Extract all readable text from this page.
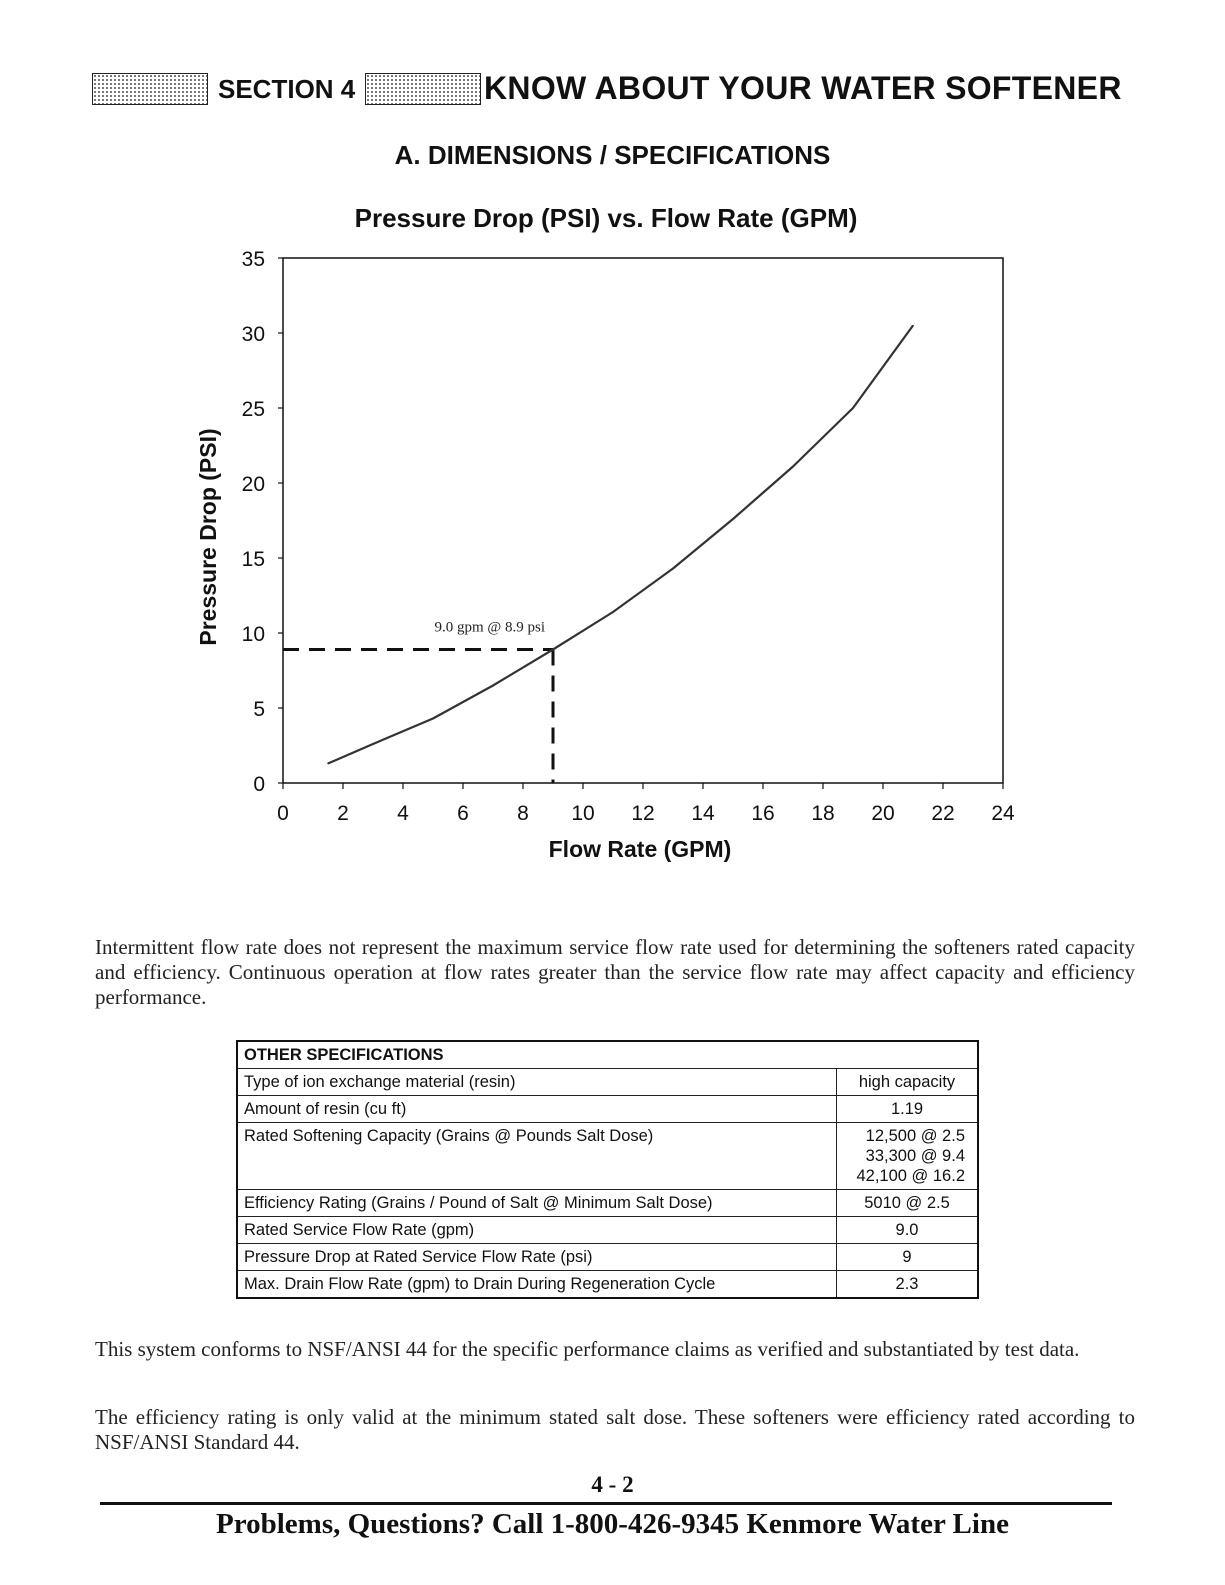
SECTION 4	KNOW ABOUT YOUR WATER SOFTENER
A. DIMENSIONS / SPECIFICATIONS
Pressure Drop (PSI) vs. Flow Rate (GPM)
0
5
10
15
20
25
30
35
0 2 4 6 8 10 12 14 16 18 20 22 24
9.0 gpm @ 8.9 psi
Flow Rate (GPM)
Pressure Drop (PSI)
Intermittent flow rate does not represent the maximum service flow rate used for determining the softeners rated capacity and efficiency. Continuous operation at flow rates greater than the service flow rate may affect capacity and efficiency performance.
OTHER SPECIFICATIONS	
Type of ion exchange material (resin)	high capacity
Amount of resin (cu ft)	1.19
Rated Softening Capacity (Grains @ Pounds Salt Dose)	12,500 @ 2.5
33,300 @ 9.4
42,100 @ 16.2

Efficiency Rating (Grains / Pound of Salt @ Minimum Salt Dose)	5010 @ 2.5
Rated Service Flow Rate (gpm)	9.0
Pressure Drop at Rated Service Flow Rate (psi)	9
Max. Drain Flow Rate (gpm) to Drain During Regeneration Cycle	2.3
This system conforms to NSF/ANSI 44 for the specific performance claims as verified and substantiated by test data.
The efficiency rating is only valid at the minimum stated salt dose. These softeners were efficiency rated according to NSF/ANSI Standard 44.
4 - 2
Problems, Questions? Call 1-800-426-9345 Kenmore Water Line
